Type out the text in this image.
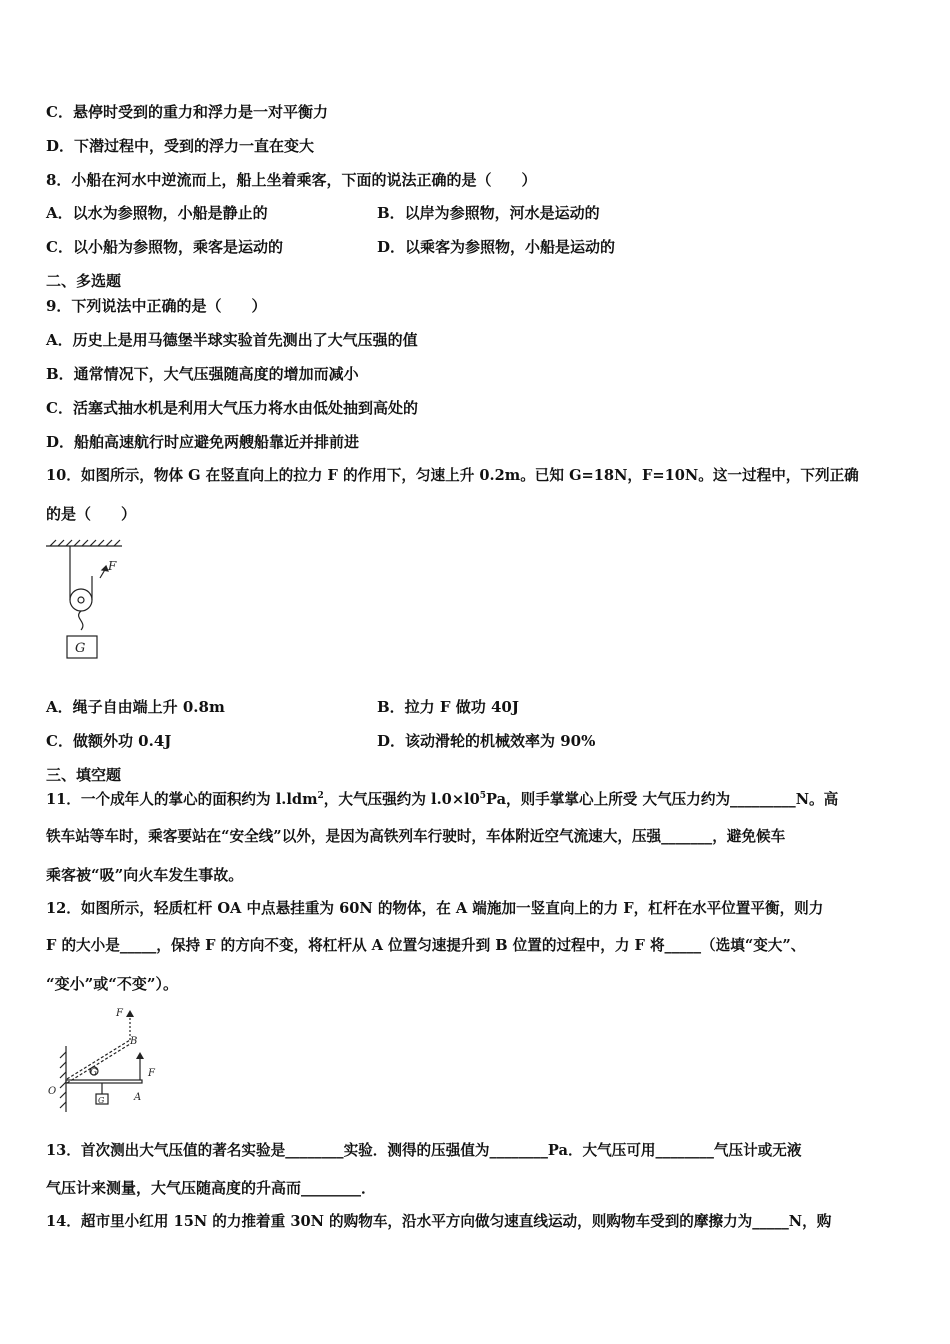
C．悬停时受到的重力和浮力是一对平衡力
D．下潜过程中，受到的浮力一直在变大
8．小船在河水中逆流而上，船上坐着乘客，下面的说法正确的是（　　）
A．以水为参照物，小船是静止的	B．以岸为参照物，河水是运动的
C．以小船为参照物，乘客是运动的	D．以乘客为参照物，小船是运动的
二、多选题
9．下列说法中正确的是（　　）
A．历史上是用马德堡半球实验首先测出了大气压强的值
B．通常情况下，大气压强随高度的增加而减小
C．活塞式抽水机是利用大气压力将水由低处抽到高处的
D．船舶高速航行时应避免两艘船靠近并排前进
10．如图所示，物体 G 在竖直向上的拉力 F 的作用下，匀速上升 0.2m。已知 G=18N，F=10N。这一过程中，下列正确
的是（　　）
F
G
A．绳子自由端上升 0.8m	B．拉力 F 做功 40J
C．做额外功 0.4J	D．该动滑轮的机械效率为 90%
三、填空题
11．一个成年人的掌心的面积约为 l.ldm$^2$，大气压强约为 $l.0\times l0^5Pa$，则手掌掌心上所受 大气压力约为_________N。高
铁车站等车时，乘客要站在“安全线”以外，是因为高铁列车行驶时，车体附近空气流速大，压强_______，避免候车
乘客被“吸”向火车发生事故。
12．如图所示，轻质杠杆 OA 中点悬挂重为 60N 的物体，在 A 端施加一竖直向上的力 F，杠杆在水平位置平衡，则力
F 的大小是_____，保持 F 的方向不变，将杠杆从 A 位置匀速提升到 B 位置的过程中，力 F 将_____（选填“变大”、
“变小”或“不变”）。
F
B
F
O
A
G
G
13．首次测出大气压值的著名实验是________实验．测得的压强值为________Pa．大气压可用________气压计或无液
气压计来测量，大气压随高度的升高而________．
14．超市里小红用 15N 的力推着重 30N 的购物车，沿水平方向做匀速直线运动，则购物车受到的摩擦力为_____N，购
